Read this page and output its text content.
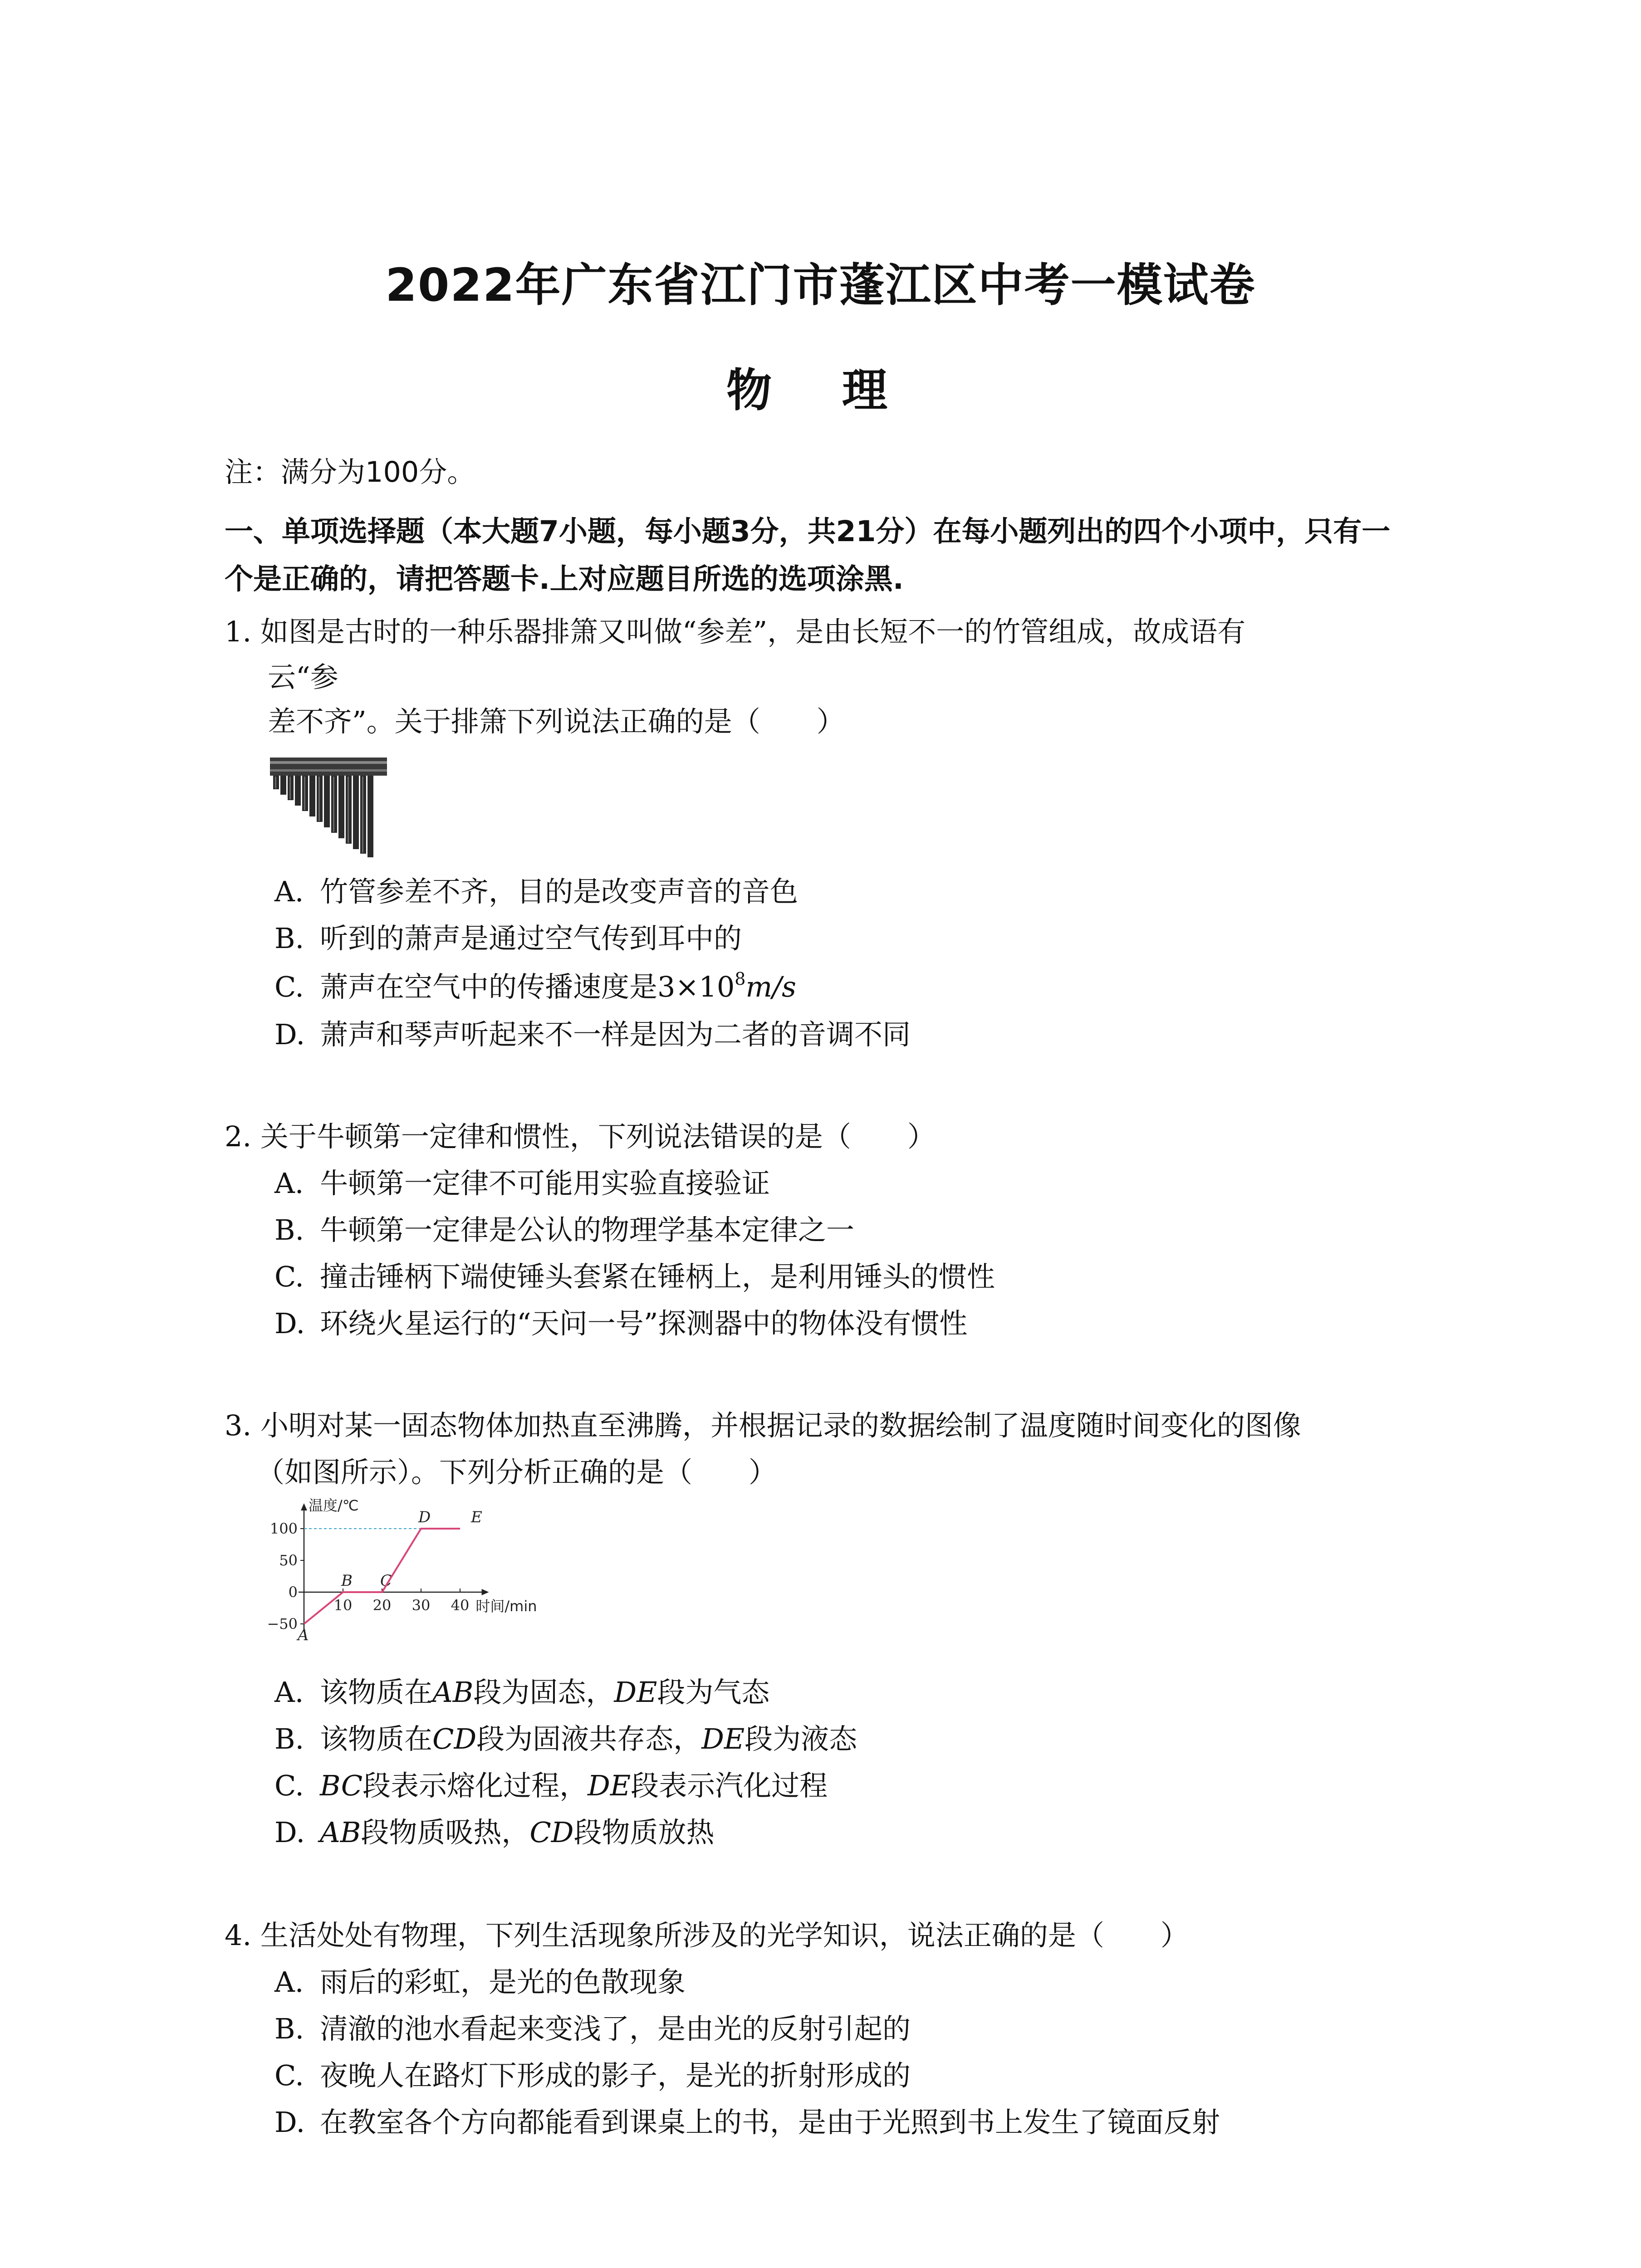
2022年广东省江门市蓬江区中考一模试卷
物 理
注：满分为100分。
一、单项选择题（本大题7小题，每小题3分，共21分）在每小题列出的四个小项中，只有一
个是正确的，请把答题卡.上对应题目所选的选项涂黑.
1. 如图是古时的一种乐器排箫又叫做“参差”，是由长短不一的竹管组成，故成语有
云“参
差不齐”。关于排箫下列说法正确的是（　　）
A. 竹管参差不齐，目的是改变声音的音色
B. 听到的萧声是通过空气传到耳中的
C. 萧声在空气中的传播速度是$3\times 10^8m/s$
D. 萧声和琴声听起来不一样是因为二者的音调不同
2. 关于牛顿第一定律和惯性，下列说法错误的是（　　）
A. 牛顿第一定律不可能用实验直接验证
B. 牛顿第一定律是公认的物理学基本定律之一
C. 撞击锤柄下端使锤头套紧在锤柄上，是利用锤头的惯性
D. 环绕火星运行的“天问一号”探测器中的物体没有惯性
3. 小明对某一固态物体加热直至沸腾，并根据记录的数据绘制了温度随时间变化的图像
（如图所示）。下列分析正确的是（　　）
100
50
0
−50
10 20 30 40
温度/℃
时间/min
A
B C
D	E
A. 该物质在AB段为固态，DE段为气态
B. 该物质在CD段为固液共存态，DE段为液态
C. BC段表示熔化过程，DE段表示汽化过程
D. AB段物质吸热，CD段物质放热
4. 生活处处有物理，下列生活现象所涉及的光学知识，说法正确的是（　　）
A. 雨后的彩虹，是光的色散现象
B. 清澈的池水看起来变浅了，是由光的反射引起的
C. 夜晚人在路灯下形成的影子，是光的折射形成的
D. 在教室各个方向都能看到课桌上的书，是由于光照到书上发生了镜面反射
